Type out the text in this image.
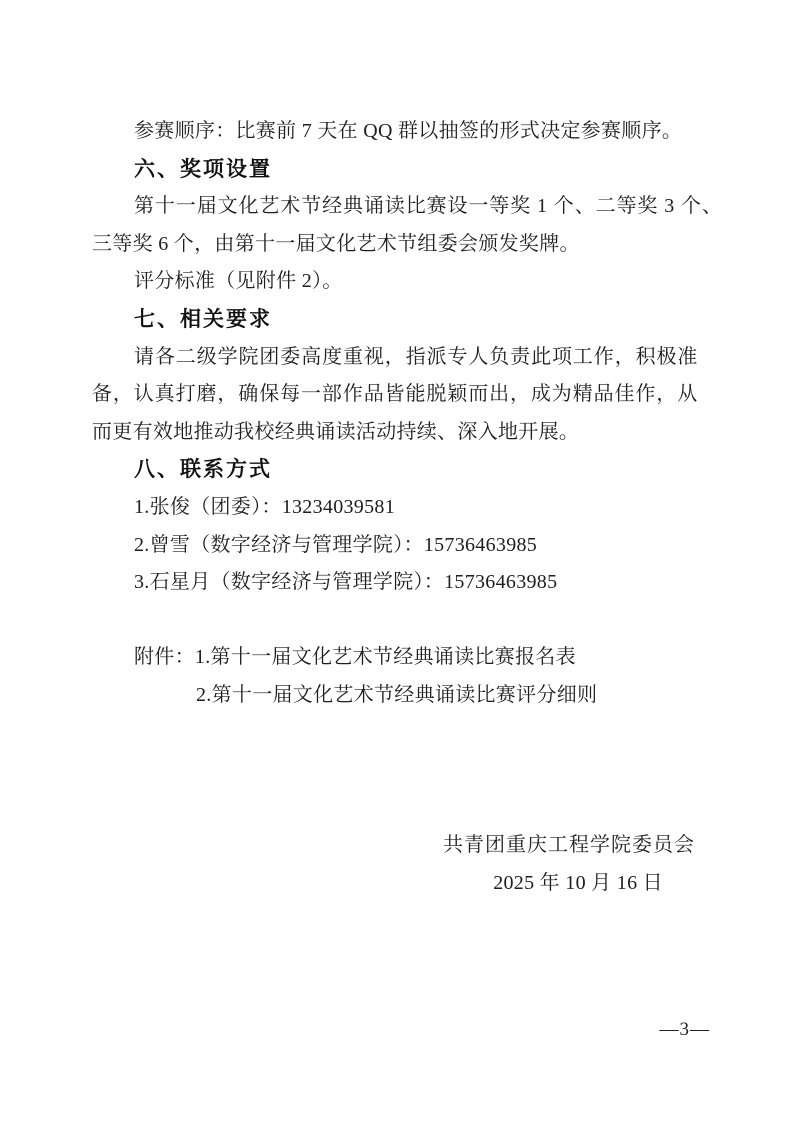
参赛顺序：比赛前 7 天在 QQ 群以抽签的形式决定参赛顺序。

六、奖项设置

第十一届文化艺术节经典诵读比赛设一等奖 1 个、二等奖 3 个、

三等奖 6 个，由第十一届文化艺术节组委会颁发奖牌。

评分标准（见附件 2）。

七、相关要求

请各二级学院团委高度重视，指派专人负责此项工作，积极准

备，认真打磨，确保每一部作品皆能脱颖而出，成为精品佳作，从

而更有效地推动我校经典诵读活动持续、深入地开展。

八、联系方式

1.张俊（团委）：13234039581

2.曾雪（数字经济与管理学院）：15736463985

3.石星月（数字经济与管理学院）：15736463985

附件：1.第十一届文化艺术节经典诵读比赛报名表

2.第十一届文化艺术节经典诵读比赛评分细则

共青团重庆工程学院委员会

2025 年 10 月 16 日

—3—
